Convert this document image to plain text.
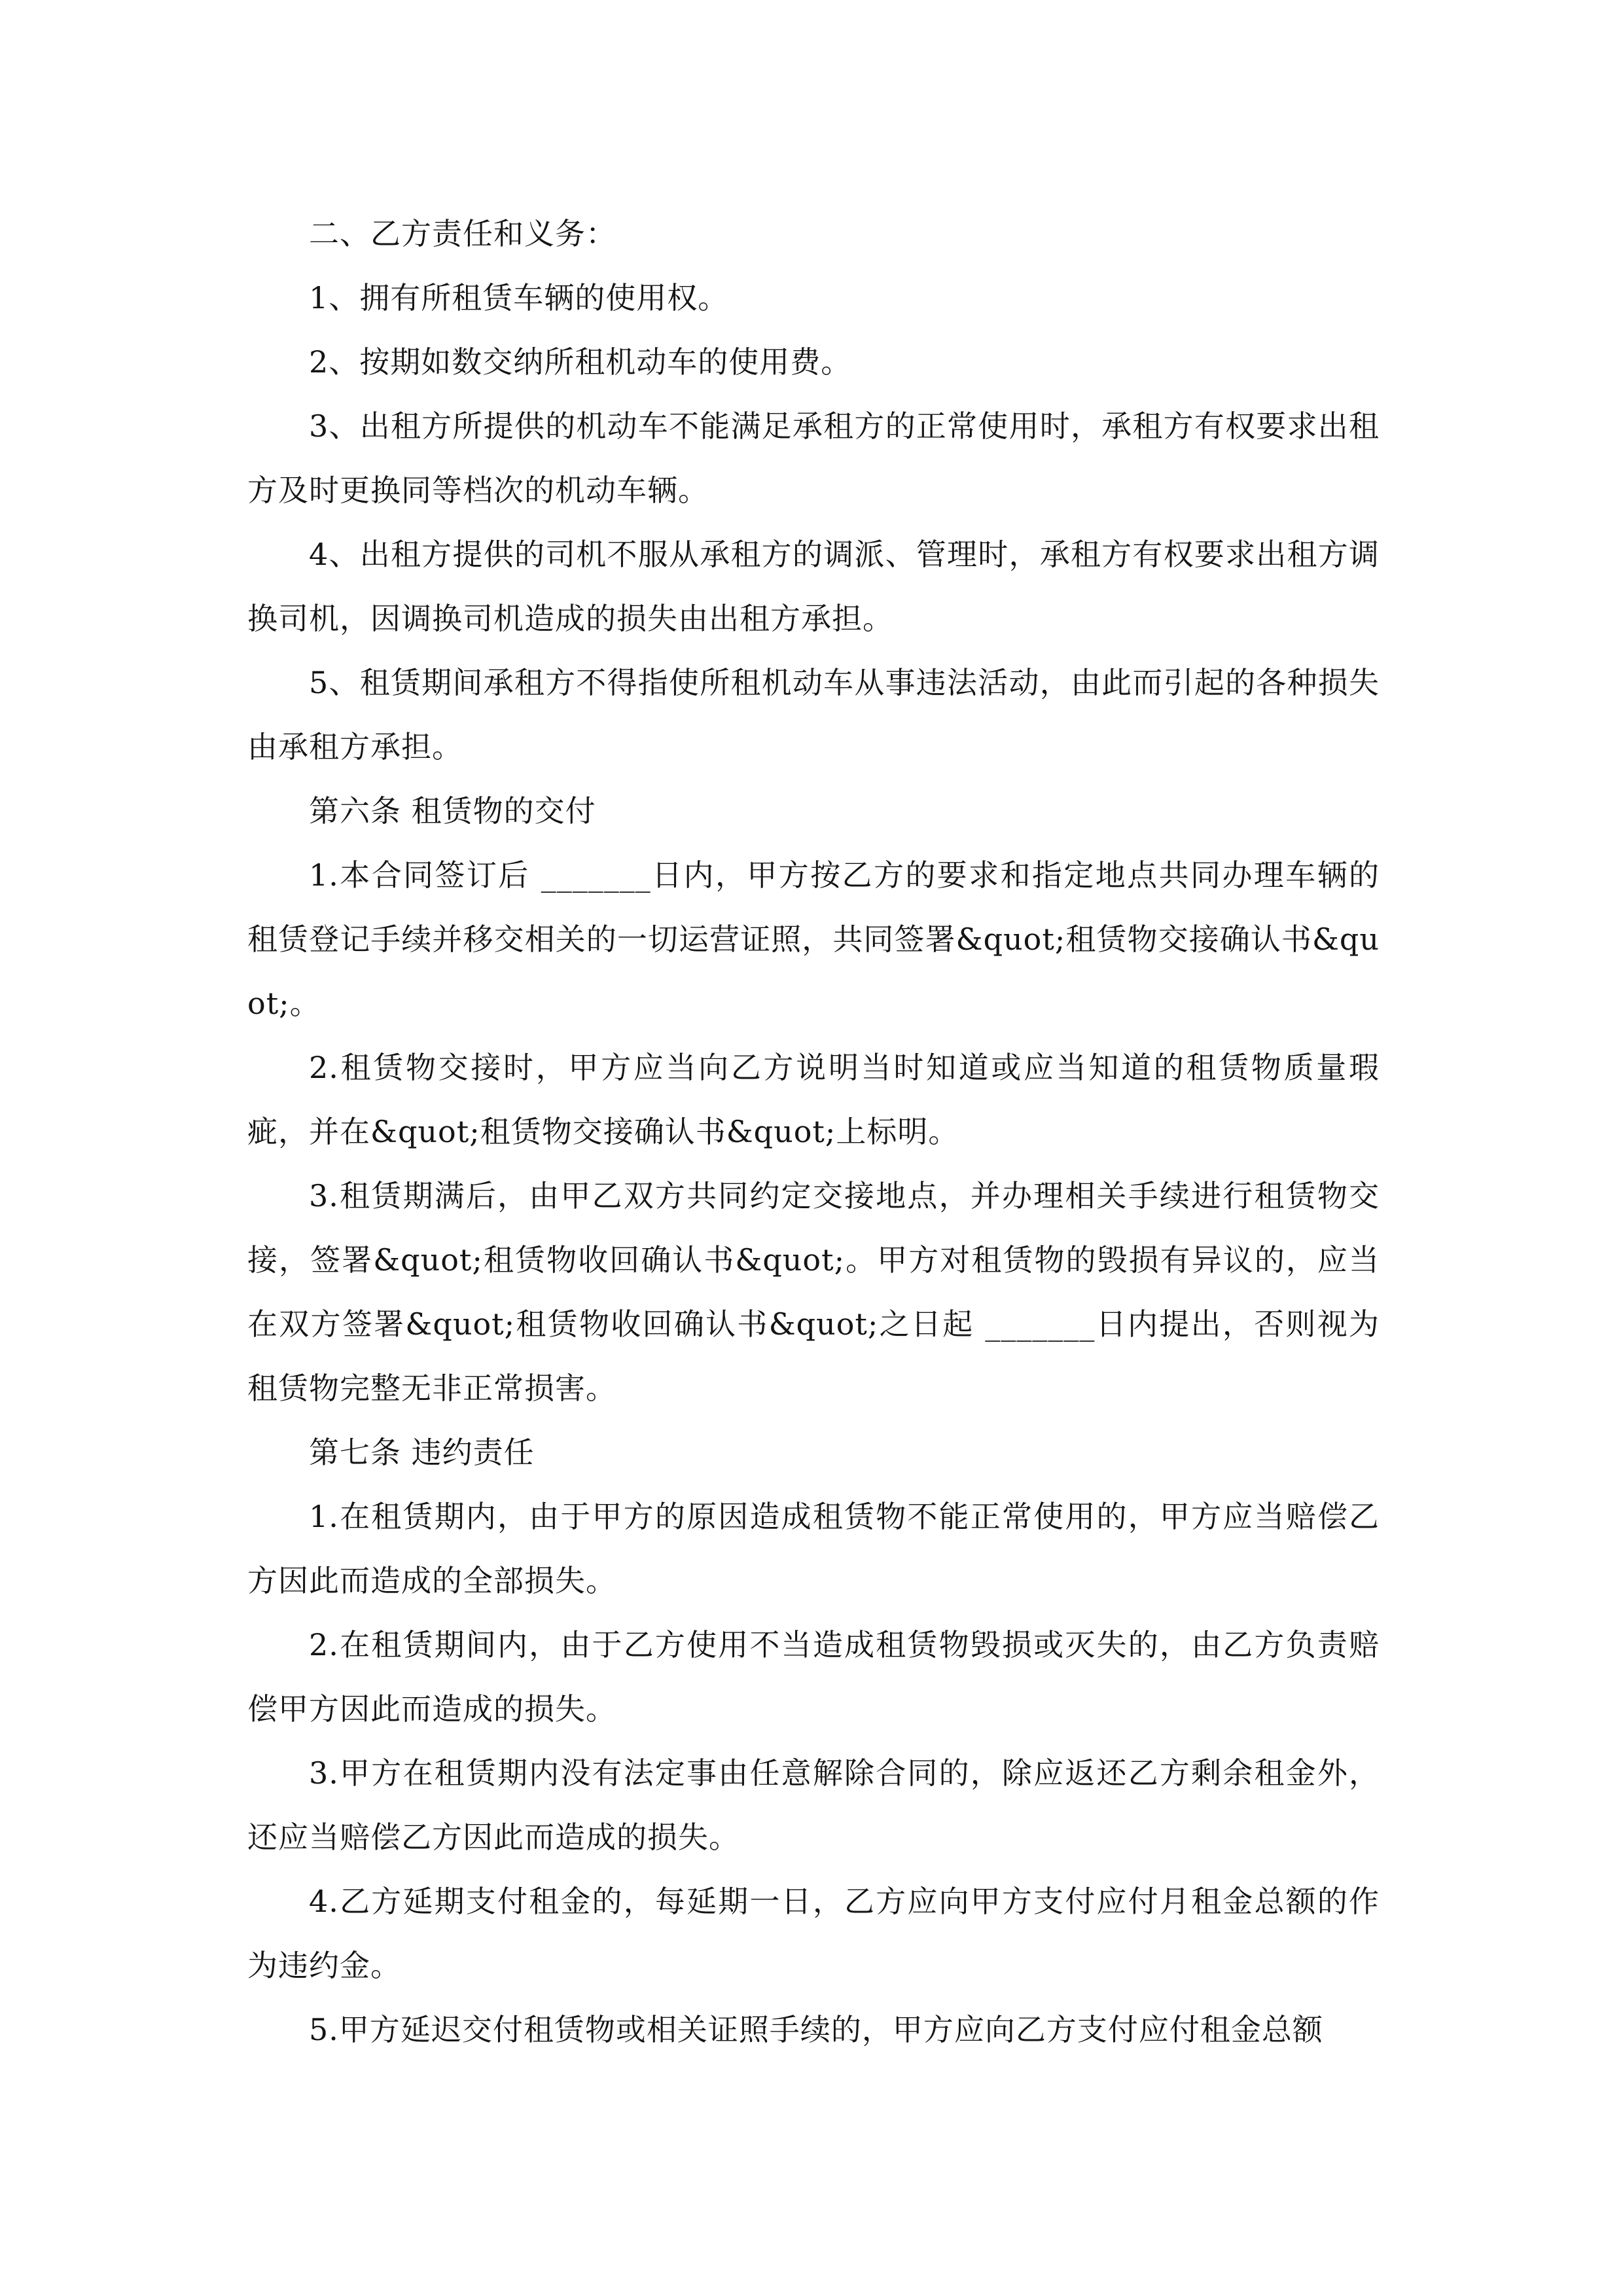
二、乙方责任和义务：

1、拥有所租赁车辆的使用权。

2、按期如数交纳所租机动车的使用费。

3、出租方所提供的机动车不能满足承租方的正常使用时，承租方有权要求出租方及时更换同等档次的机动车辆。

4、出租方提供的司机不服从承租方的调派、管理时，承租方有权要求出租方调换司机，因调换司机造成的损失由出租方承担。

5、租赁期间承租方不得指使所租机动车从事违法活动，由此而引起的各种损失由承租方承担。

第六条 租赁物的交付

1.本合同签订后 _______日内，甲方按乙方的要求和指定地点共同办理车辆的租赁登记手续并移交相关的一切运营证照，共同签署&quot;租赁物交接确认书&quot;。

2.租赁物交接时，甲方应当向乙方说明当时知道或应当知道的租赁物质量瑕疵，并在&quot;租赁物交接确认书&quot;上标明。

3.租赁期满后，由甲乙双方共同约定交接地点，并办理相关手续进行租赁物交接，签署&quot;租赁物收回确认书&quot;。甲方对租赁物的毁损有异议的，应当在双方签署&quot;租赁物收回确认书&quot;之日起 _______日内提出，否则视为租赁物完整无非正常损害。

第七条 违约责任

1.在租赁期内，由于甲方的原因造成租赁物不能正常使用的，甲方应当赔偿乙方因此而造成的全部损失。

2.在租赁期间内，由于乙方使用不当造成租赁物毁损或灭失的，由乙方负责赔偿甲方因此而造成的损失。

3.甲方在租赁期内没有法定事由任意解除合同的，除应返还乙方剩余租金外，还应当赔偿乙方因此而造成的损失。

4.乙方延期支付租金的，每延期一日，乙方应向甲方支付应付月租金总额的作为违约金。

5.甲方延迟交付租赁物或相关证照手续的，甲方应向乙方支付应付租金总额
